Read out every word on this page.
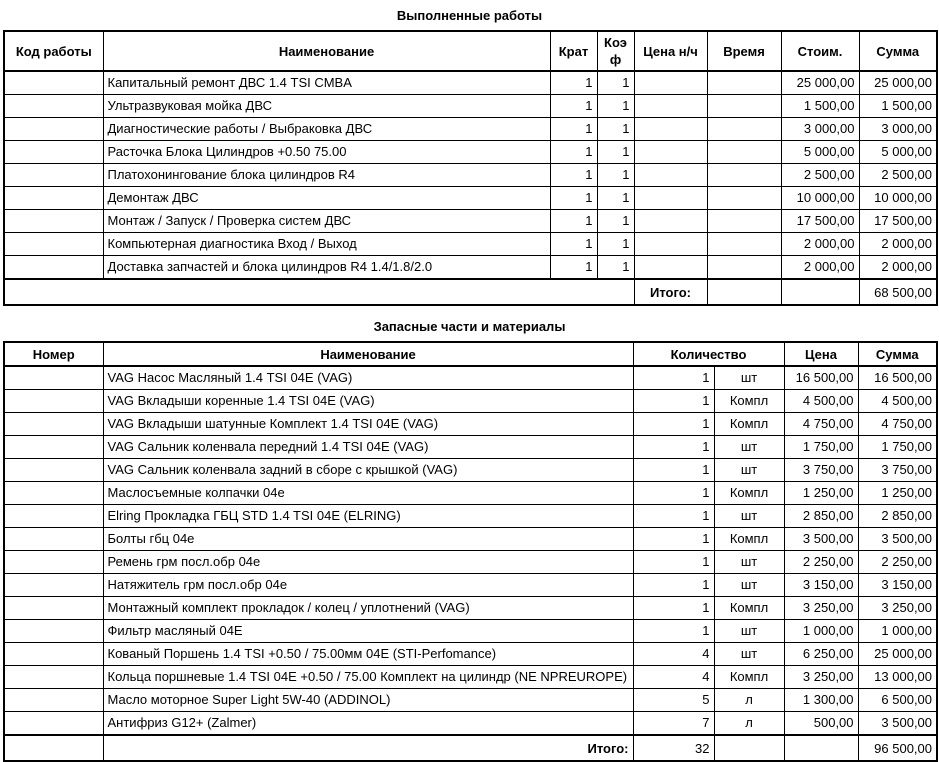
Выполненные работы
Код работы	Наименование	Крат	Коэф	Цена н/ч	Время	Стоим.	Сумма
	Капитальный ремонт ДВС 1.4 TSI CMBA	1	1			25 000,00	25 000,00
	Ультразвуковая мойка ДВС	1	1			1 500,00	1 500,00
	Диагностические работы / Выбраковка ДВС	1	1			3 000,00	3 000,00
	Расточка Блока Цилиндров +0.50 75.00	1	1			5 000,00	5 000,00
	Платохонингование блока цилиндров R4	1	1			2 500,00	2 500,00
	Демонтаж ДВС	1	1			10 000,00	10 000,00
	Монтаж / Запуск / Проверка систем ДВС	1	1			17 500,00	17 500,00
	Компьютерная диагностика Вход / Выход	1	1			2 000,00	2 000,00
	Доставка запчастей и блока цилиндров R4 1.4/1.8/2.0	1	1			2 000,00	2 000,00
				Итого:			68 500,00
Запасные части и материалы
Номер	Наименование	Количество		Цена	Сумма
	VAG Насос Масляный 1.4 TSI 04E (VAG)	1	шт	16 500,00	16 500,00
	VAG Вкладыши коренные 1.4 TSI 04E (VAG)	1	Компл	4 500,00	4 500,00
	VAG Вкладыши шатунные Комплект 1.4 TSI 04E (VAG)	1	Компл	4 750,00	4 750,00
	VAG Сальник коленвала передний 1.4 TSI 04E (VAG)	1	шт	1 750,00	1 750,00
	VAG Сальник коленвала задний в сборе с крышкой (VAG)	1	шт	3 750,00	3 750,00
	Маслосъемные колпачки 04e	1	Компл	1 250,00	1 250,00
	Elring Прокладка ГБЦ STD 1.4 TSI 04E (ELRING)	1	шт	2 850,00	2 850,00
	Болты гбц 04e	1	Компл	3 500,00	3 500,00
	Ремень грм посл.обр 04e	1	шт	2 250,00	2 250,00
	Натяжитель грм посл.обр 04e	1	шт	3 150,00	3 150,00
	Монтажный комплект прокладок / колец / уплотнений (VAG)	1	Компл	3 250,00	3 250,00
	Фильтр масляный 04E	1	шт	1 000,00	1 000,00
	Кованый Поршень 1.4 TSI +0.50 / 75.00мм 04E (STI-Perfomance)	4	шт	6 250,00	25 000,00
	Кольца поршневые 1.4 TSI 04E +0.50 / 75.00 Комплект на цилиндр (NE NPREUROPE)	4	Компл	3 250,00	13 000,00
	Масло моторное Super Light 5W-40 (ADDINOL)	5	л	1 300,00	6 500,00
	Антифриз G12+ (Zalmer)	7	л	500,00	3 500,00
	Итого:	32			96 500,00
